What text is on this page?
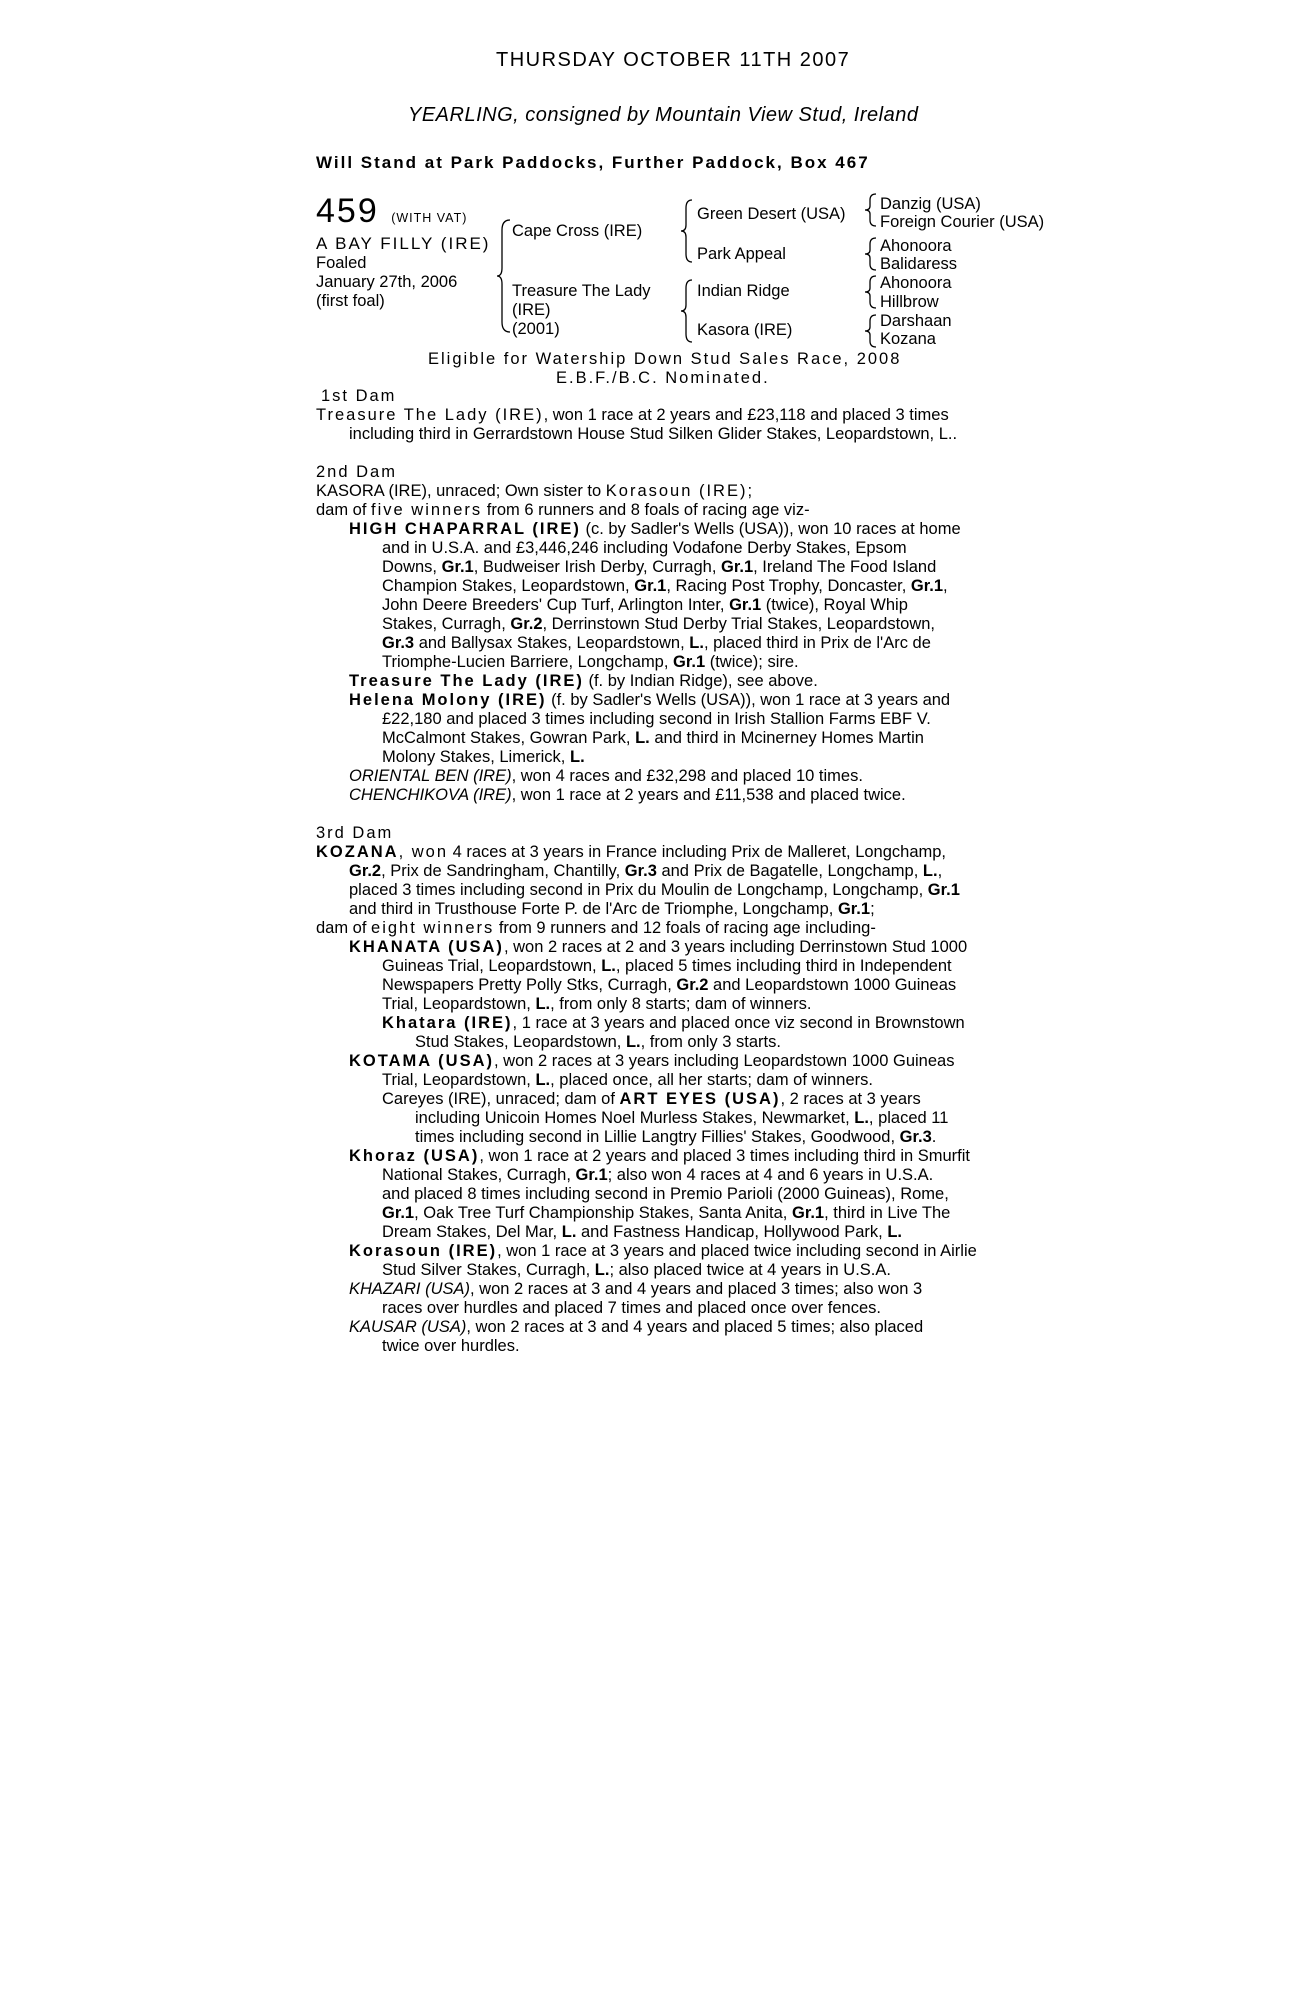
THURSDAY OCTOBER 11TH 2007
YEARLING, consigned by Mountain View Stud, Ireland
Will Stand at Park Paddocks, Further Paddock, Box 467
459 (WITH VAT)
A BAY FILLY (IRE)
Foaled
January 27th, 2006
(first foal)
Cape Cross (IRE)
Treasure The Lady
(IRE)
(2001)
Green Desert (USA)
Park Appeal
Indian Ridge
Kasora (IRE)
Danzig (USA)
Foreign Courier (USA)
Ahonoora
Balidaress
Ahonoora
Hillbrow
Darshaan
Kozana
Eligible for Watership Down Stud Sales Race, 2008
E.B.F./B.C. Nominated.
1st Dam
Treasure The Lady (IRE), won 1 race at 2 years and £23,118 and placed 3 times
including third in Gerrardstown House Stud Silken Glider Stakes, Leopardstown, L..
2nd Dam
KASORA (IRE), unraced; Own sister to Korasoun (IRE);
dam of five winners from 6 runners and 8 foals of racing age viz-
HIGH CHAPARRAL (IRE) (c. by Sadler's Wells (USA)), won 10 races at home
and in U.S.A. and £3,446,246 including Vodafone Derby Stakes, Epsom
Downs, Gr.1, Budweiser Irish Derby, Curragh, Gr.1, Ireland The Food Island
Champion Stakes, Leopardstown, Gr.1, Racing Post Trophy, Doncaster, Gr.1,
John Deere Breeders' Cup Turf, Arlington Inter, Gr.1 (twice), Royal Whip
Stakes, Curragh, Gr.2, Derrinstown Stud Derby Trial Stakes, Leopardstown,
Gr.3 and Ballysax Stakes, Leopardstown, L., placed third in Prix de l'Arc de
Triomphe-Lucien Barriere, Longchamp, Gr.1 (twice); sire.
Treasure The Lady (IRE) (f. by Indian Ridge), see above.
Helena Molony (IRE) (f. by Sadler's Wells (USA)), won 1 race at 3 years and
£22,180 and placed 3 times including second in Irish Stallion Farms EBF V.
McCalmont Stakes, Gowran Park, L. and third in Mcinerney Homes Martin
Molony Stakes, Limerick, L.
ORIENTAL BEN (IRE), won 4 races and £32,298 and placed 10 times.
CHENCHIKOVA (IRE), won 1 race at 2 years and £11,538 and placed twice.
3rd Dam
KOZANA, won 4 races at 3 years in France including Prix de Malleret, Longchamp,
Gr.2, Prix de Sandringham, Chantilly, Gr.3 and Prix de Bagatelle, Longchamp, L.,
placed 3 times including second in Prix du Moulin de Longchamp, Longchamp, Gr.1
and third in Trusthouse Forte P. de l'Arc de Triomphe, Longchamp, Gr.1;
dam of eight winners from 9 runners and 12 foals of racing age including-
KHANATA (USA), won 2 races at 2 and 3 years including Derrinstown Stud 1000
Guineas Trial, Leopardstown, L., placed 5 times including third in Independent
Newspapers Pretty Polly Stks, Curragh, Gr.2 and Leopardstown 1000 Guineas
Trial, Leopardstown, L., from only 8 starts; dam of winners.
Khatara (IRE), 1 race at 3 years and placed once viz second in Brownstown
Stud Stakes, Leopardstown, L., from only 3 starts.
KOTAMA (USA), won 2 races at 3 years including Leopardstown 1000 Guineas
Trial, Leopardstown, L., placed once, all her starts; dam of winners.
Careyes (IRE), unraced; dam of ART EYES (USA), 2 races at 3 years
including Unicoin Homes Noel Murless Stakes, Newmarket, L., placed 11
times including second in Lillie Langtry Fillies' Stakes, Goodwood, Gr.3.
Khoraz (USA), won 1 race at 2 years and placed 3 times including third in Smurfit
National Stakes, Curragh, Gr.1; also won 4 races at 4 and 6 years in U.S.A.
and placed 8 times including second in Premio Parioli (2000 Guineas), Rome,
Gr.1, Oak Tree Turf Championship Stakes, Santa Anita, Gr.1, third in Live The
Dream Stakes, Del Mar, L. and Fastness Handicap, Hollywood Park, L.
Korasoun (IRE), won 1 race at 3 years and placed twice including second in Airlie
Stud Silver Stakes, Curragh, L.; also placed twice at 4 years in U.S.A.
KHAZARI (USA), won 2 races at 3 and 4 years and placed 3 times; also won 3
races over hurdles and placed 7 times and placed once over fences.
KAUSAR (USA), won 2 races at 3 and 4 years and placed 5 times; also placed
twice over hurdles.
